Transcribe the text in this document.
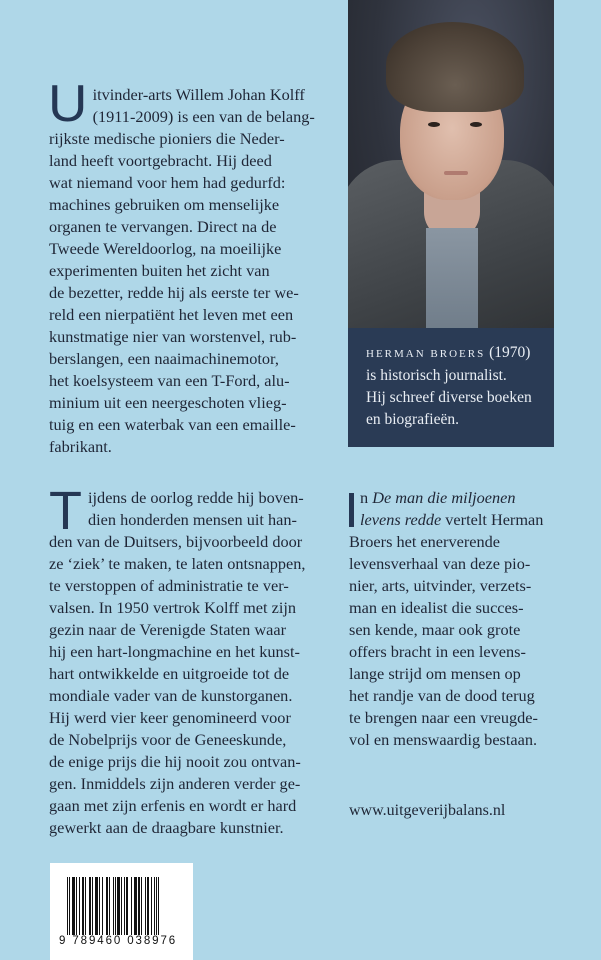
U itvinder-arts Willem Johan Kolff
(1911-2009) is een van de belang-
rijkste medische pioniers die Neder-
land heeft voortgebracht. Hij deed
wat niemand voor hem had gedurfd:
machines gebruiken om menselijke
organen te vervangen. Direct na de
Tweede Wereldoorlog, na moeilijke
experimenten buiten het zicht van
de bezetter, redde hij als eerste ter we-
reld een nierpatiënt het leven met een
kunstmatige nier van worstenvel, rub-
berslangen, een naaimachinemotor,
het koelsysteem van een T-Ford, alu-
minium uit een neergeschoten vlieg-
tuig en een waterbak van een emaille-
fabrikant.
T ijdens de oorlog redde hij boven-
dien honderden mensen uit han-
den van de Duitsers, bijvoorbeeld door
ze ‘ziek’ te maken, te laten ontsnappen,
te verstoppen of administratie te ver-
valsen. In 1950 vertrok Kolff met zijn
gezin naar de Verenigde Staten waar
hij een hart-longmachine en het kunst-
hart ontwikkelde en uitgroeide tot de
mondiale vader van de kunstorganen.
Hij werd vier keer genomineerd voor
de Nobelprijs voor de Geneeskunde,
de enige prijs die hij nooit zou ontvan-
gen. Inmiddels zijn anderen verder ge-
gaan met zijn erfenis en wordt er hard
gewerkt aan de draagbare kunstnier.
HERMAN BROERS (1970)
is historisch journalist.
Hij schreef diverse boeken
en biografieën.
n De man die miljoenen
levens redde vertelt Herman
Broers het enerverende
levensverhaal van deze pio-
nier, arts, uitvinder, verzets-
man en idealist die succes-
sen kende, maar ook grote
offers bracht in een levens-
lange strijd om mensen op
het randje van de dood terug
te brengen naar een vreugde-
vol en menswaardig bestaan.
www.uitgeverijbalans.nl
9 789460 038976
